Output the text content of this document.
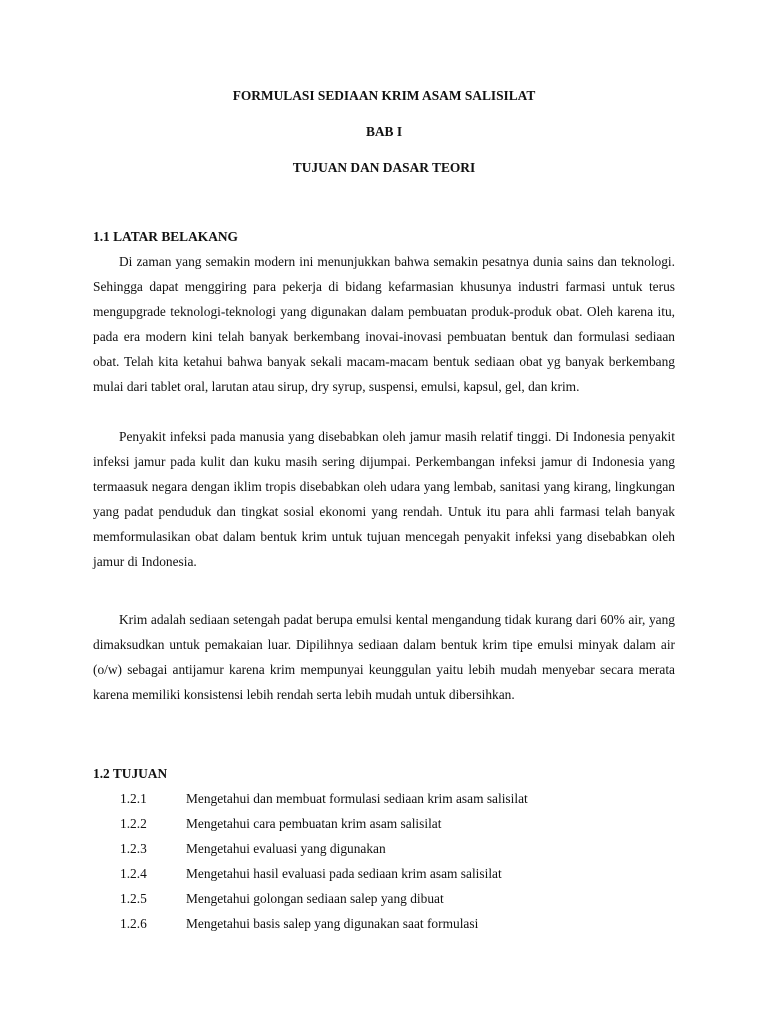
FORMULASI SEDIAAN KRIM ASAM SALISILAT
BAB I
TUJUAN DAN DASAR TEORI
1.1 LATAR BELAKANG
Di zaman yang semakin modern ini menunjukkan bahwa semakin pesatnya dunia sains dan teknologi. Sehingga dapat menggiring para pekerja di bidang kefarmasian khusunya industri farmasi untuk terus mengupgrade teknologi-teknologi yang digunakan dalam pembuatan produk-produk obat. Oleh karena itu, pada era modern kini telah banyak berkembang inovai-inovasi pembuatan bentuk dan formulasi sediaan obat. Telah kita ketahui bahwa banyak sekali macam-macam bentuk sediaan obat yg banyak berkembang mulai dari tablet oral, larutan atau sirup, dry syrup, suspensi, emulsi, kapsul, gel, dan krim.
Penyakit infeksi pada manusia yang disebabkan oleh jamur masih relatif tinggi. Di Indonesia penyakit infeksi jamur pada kulit dan kuku masih sering dijumpai. Perkembangan infeksi jamur di Indonesia yang termaasuk negara dengan iklim tropis disebabkan oleh udara yang lembab, sanitasi yang kirang, lingkungan yang padat penduduk dan tingkat sosial ekonomi yang rendah. Untuk itu para ahli farmasi telah banyak memformulasikan obat dalam bentuk krim untuk tujuan mencegah penyakit infeksi yang disebabkan oleh jamur di Indonesia.
Krim adalah sediaan setengah padat berupa emulsi kental mengandung tidak kurang dari 60% air, yang dimaksudkan untuk pemakaian luar. Dipilihnya sediaan dalam bentuk krim tipe emulsi minyak dalam air (o/w) sebagai antijamur karena krim mempunyai keunggulan yaitu lebih mudah menyebar secara merata karena memiliki konsistensi lebih rendah serta lebih mudah untuk dibersihkan.
1.2 TUJUAN
1.2.1	Mengetahui dan membuat formulasi sediaan krim asam salisilat
1.2.2	Mengetahui cara pembuatan krim asam salisilat
1.2.3	Mengetahui evaluasi yang digunakan
1.2.4	Mengetahui hasil evaluasi pada sediaan krim asam salisilat
1.2.5	Mengetahui golongan sediaan salep yang dibuat
1.2.6	Mengetahui basis salep yang digunakan saat formulasi
